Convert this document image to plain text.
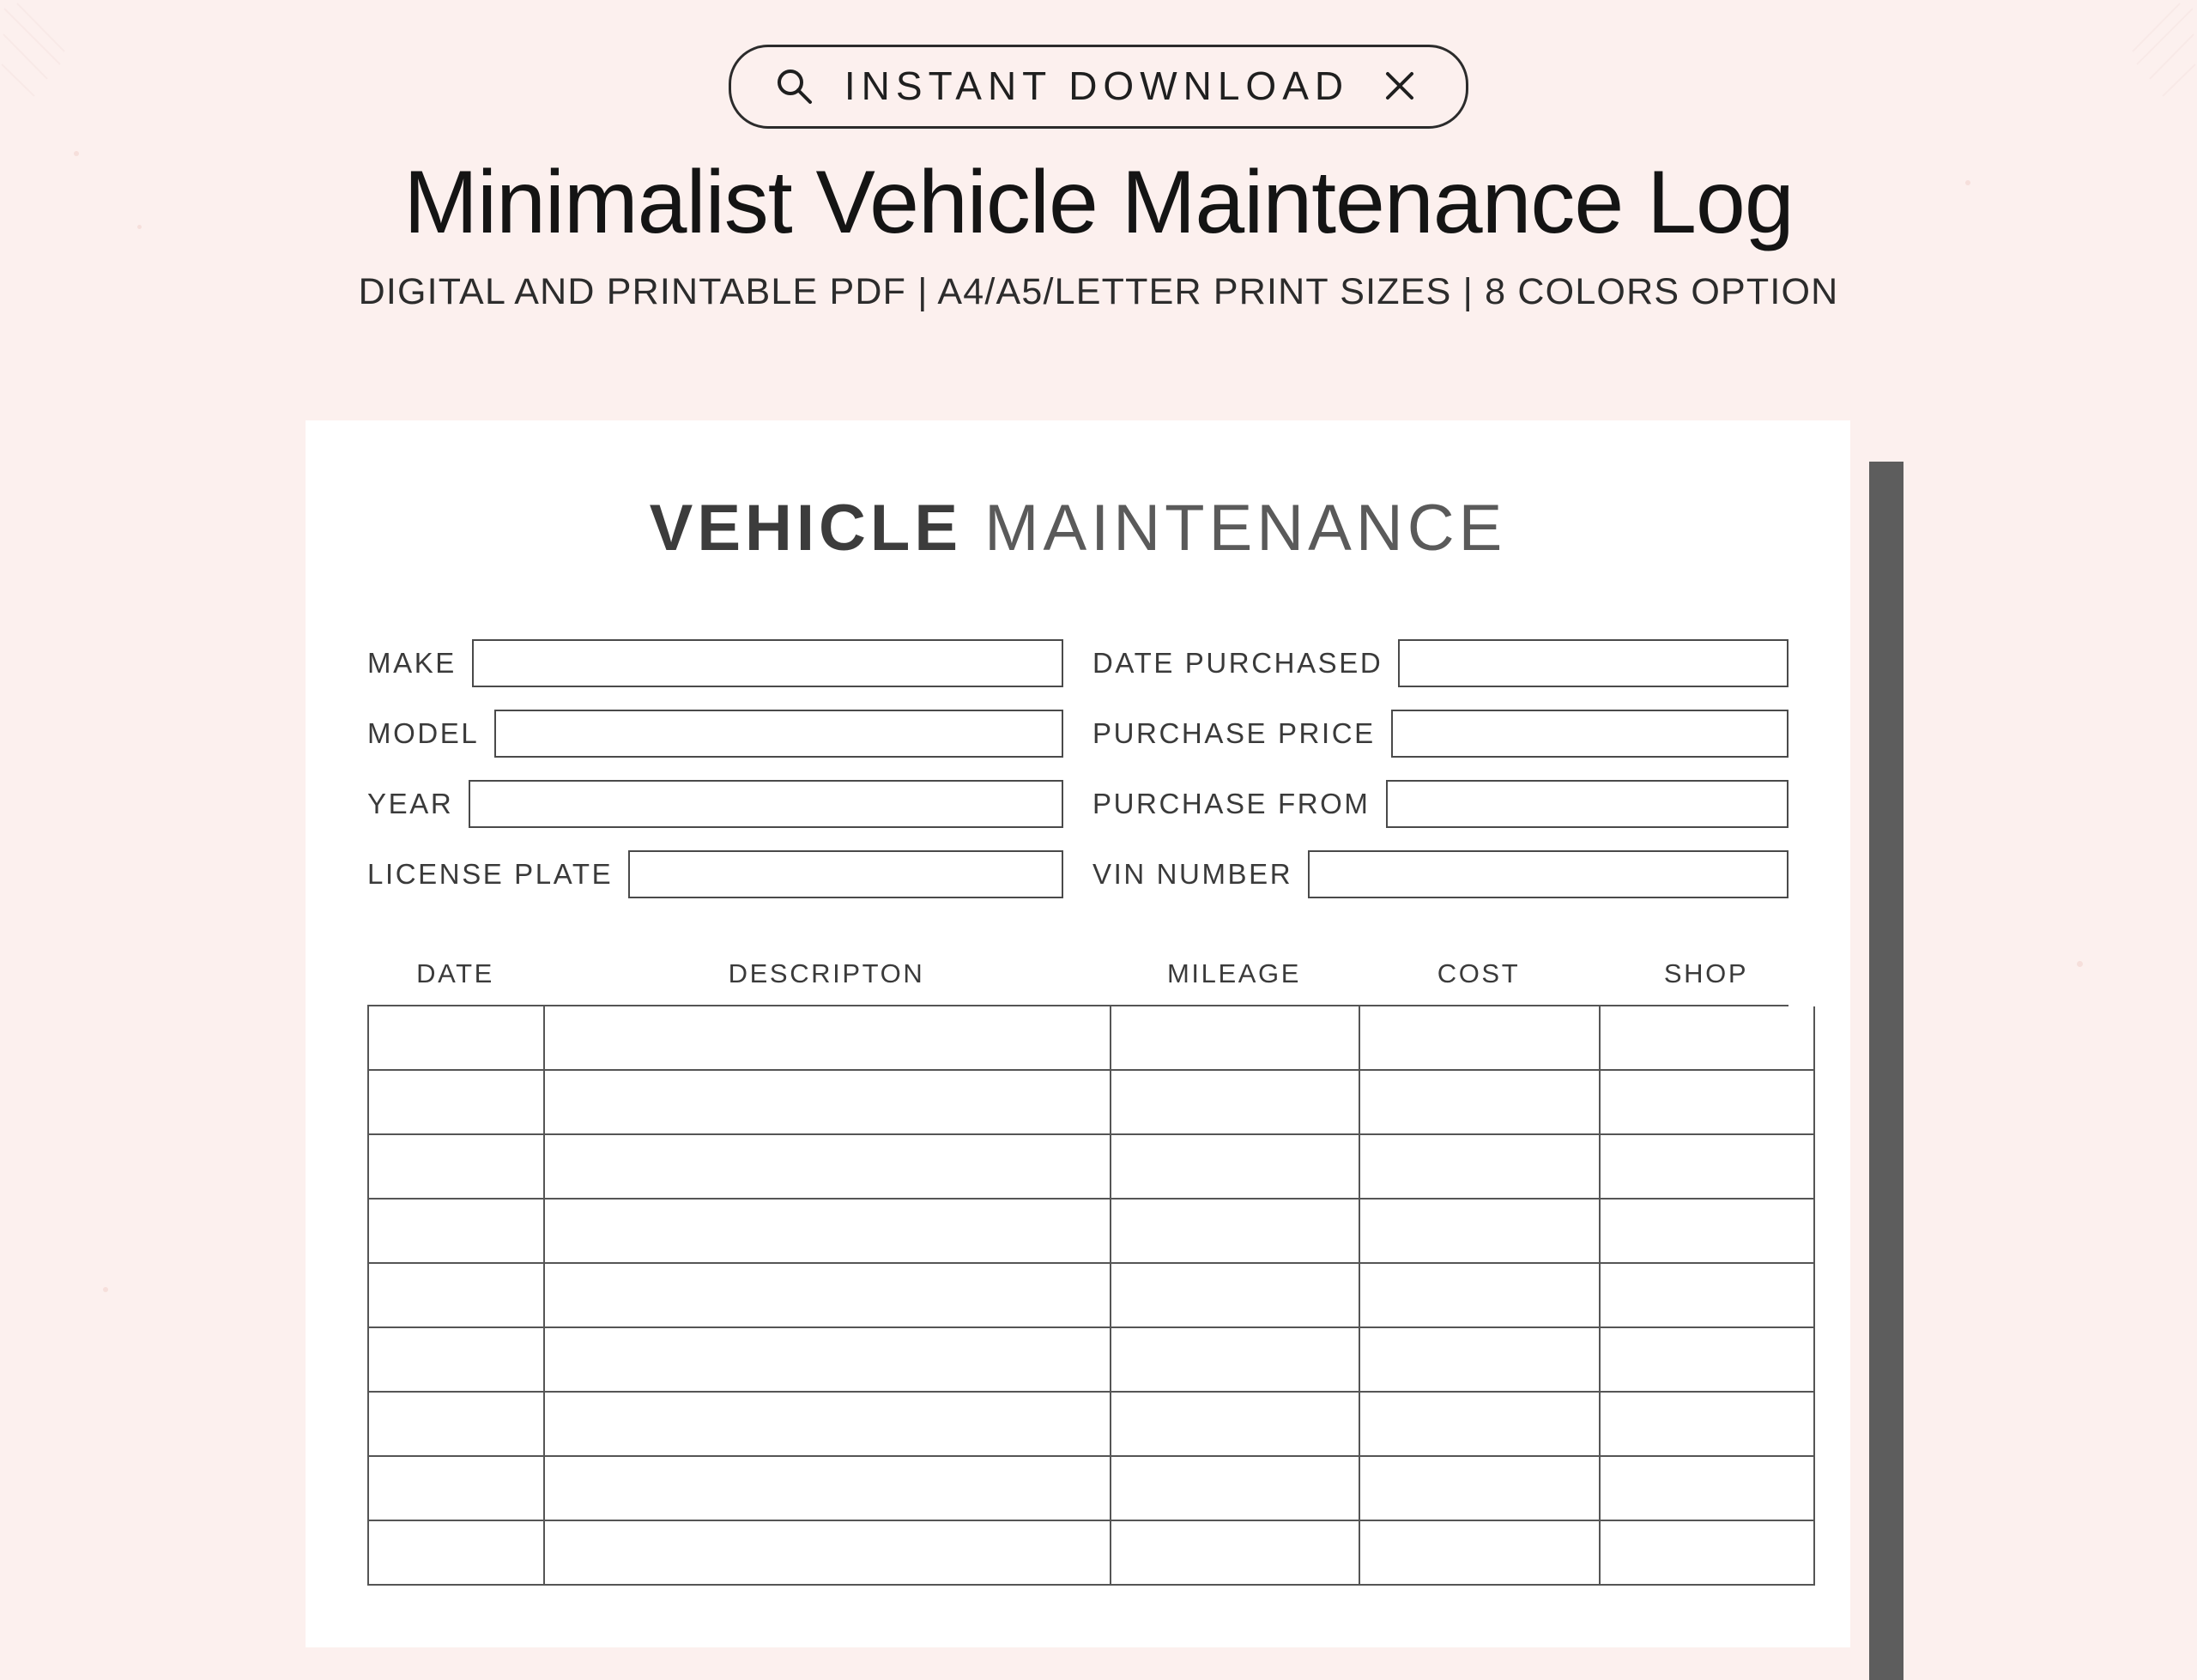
INSTANT DOWNLOAD
Minimalist Vehicle Maintenance Log
DIGITAL AND PRINTABLE PDF | A4/A5/LETTER PRINT SIZES | 8 COLORS OPTION
VEHICLE MAINTENANCE
MAKE	DATE PURCHASED
MODEL	PURCHASE PRICE
YEAR	PURCHASE FROM
LICENSE PLATE	VIN NUMBER
DATE	DESCRIPTON	MILEAGE	COST	SHOP
